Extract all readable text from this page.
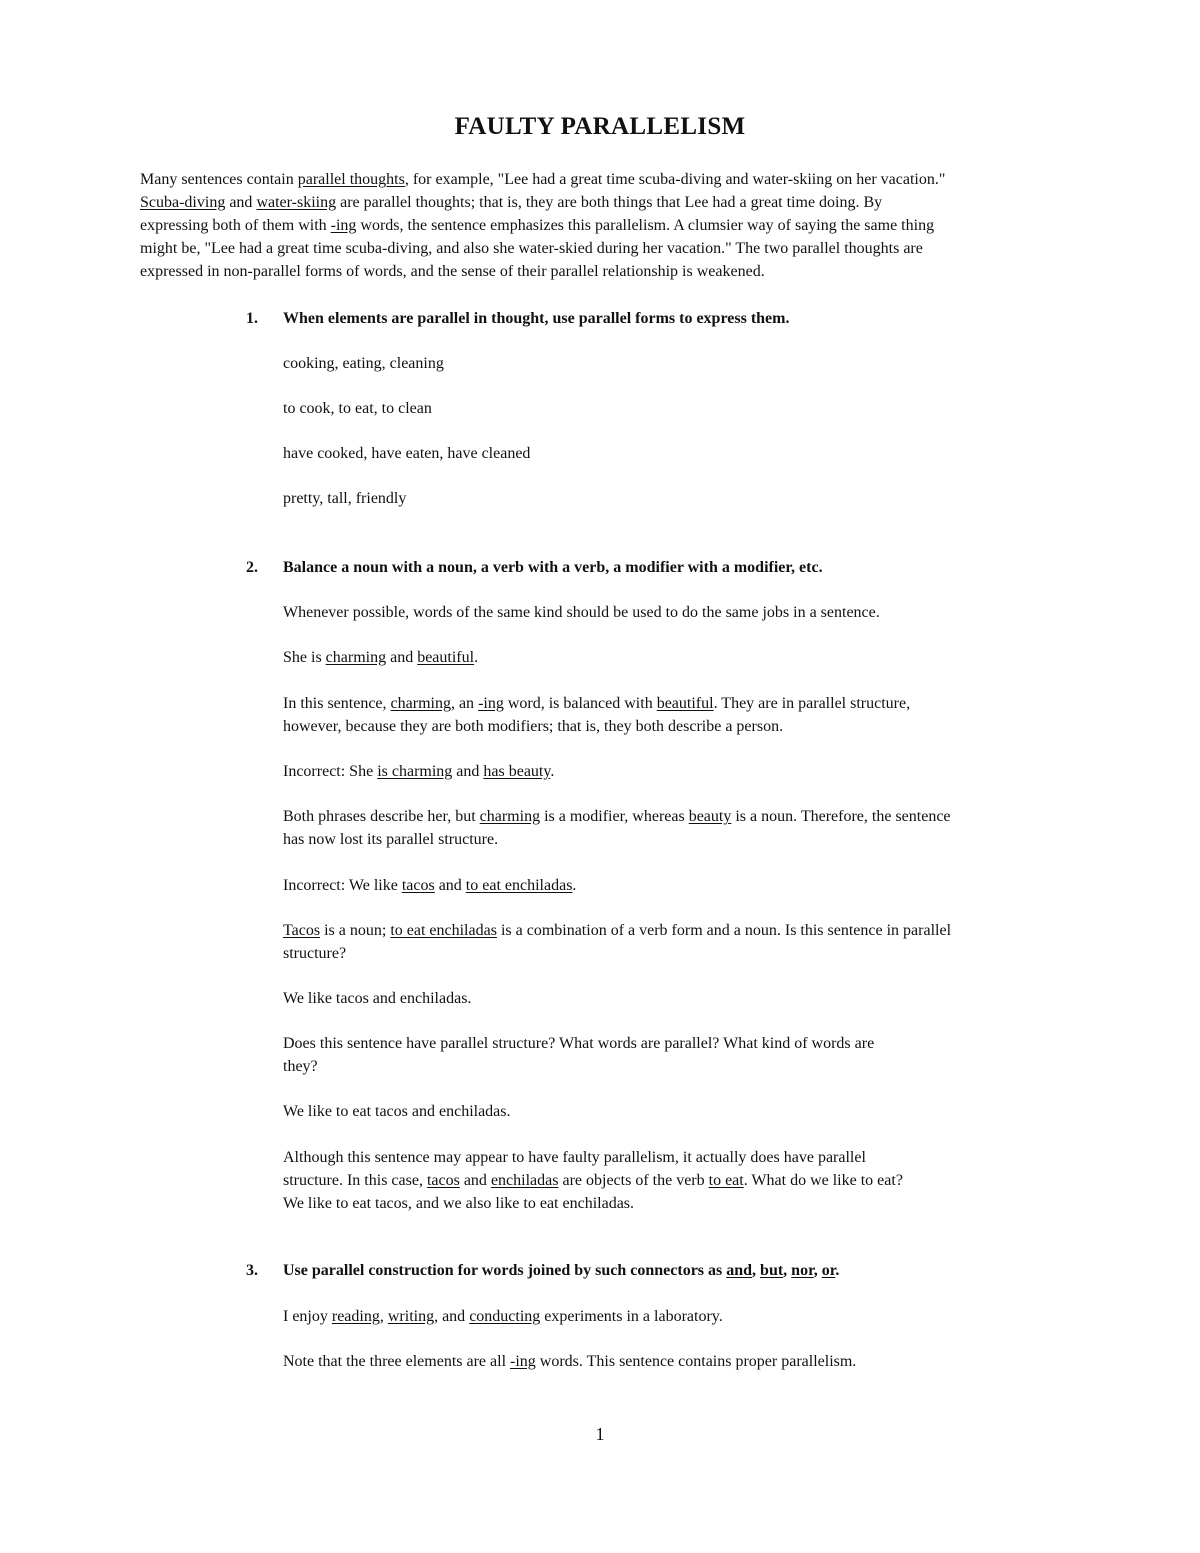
FAULTY PARALLELISM
Many sentences contain parallel thoughts, for example, "Lee had a great time scuba-diving and water-skiing on her vacation."
Scuba-diving and water-skiing are parallel thoughts; that is, they are both things that Lee had a great time doing. By
expressing both of them with -ing words, the sentence emphasizes this parallelism. A clumsier way of saying the same thing
might be, "Lee had a great time scuba-diving, and also she water-skied during her vacation." The two parallel thoughts are
expressed in non-parallel forms of words, and the sense of their parallel relationship is weakened.

1. When elements are parallel in thought, use parallel forms to express them.

cooking, eating, cleaning

to cook, to eat, to clean

have cooked, have eaten, have cleaned

pretty, tall, friendly

2. Balance a noun with a noun, a verb with a verb, a modifier with a modifier, etc.

Whenever possible, words of the same kind should be used to do the same jobs in a sentence.

She is charming and beautiful.

In this sentence, charming, an -ing word, is balanced with beautiful. They are in parallel structure,
however, because they are both modifiers; that is, they both describe a person.

Incorrect: She is charming and has beauty.

Both phrases describe her, but charming is a modifier, whereas beauty is a noun. Therefore, the sentence
has now lost its parallel structure.

Incorrect: We like tacos and to eat enchiladas.

Tacos is a noun; to eat enchiladas is a combination of a verb form and a noun. Is this sentence in parallel
structure?

We like tacos and enchiladas.

Does this sentence have parallel structure? What words are parallel? What kind of words are
they?

We like to eat tacos and enchiladas.

Although this sentence may appear to have faulty parallelism, it actually does have parallel
structure. In this case, tacos and enchiladas are objects of the verb to eat. What do we like to eat?
We like to eat tacos, and we also like to eat enchiladas.

3. Use parallel construction for words joined by such connectors as and, but, nor, or.

I enjoy reading, writing, and conducting experiments in a laboratory.

Note that the three elements are all -ing words. This sentence contains proper parallelism.

1
